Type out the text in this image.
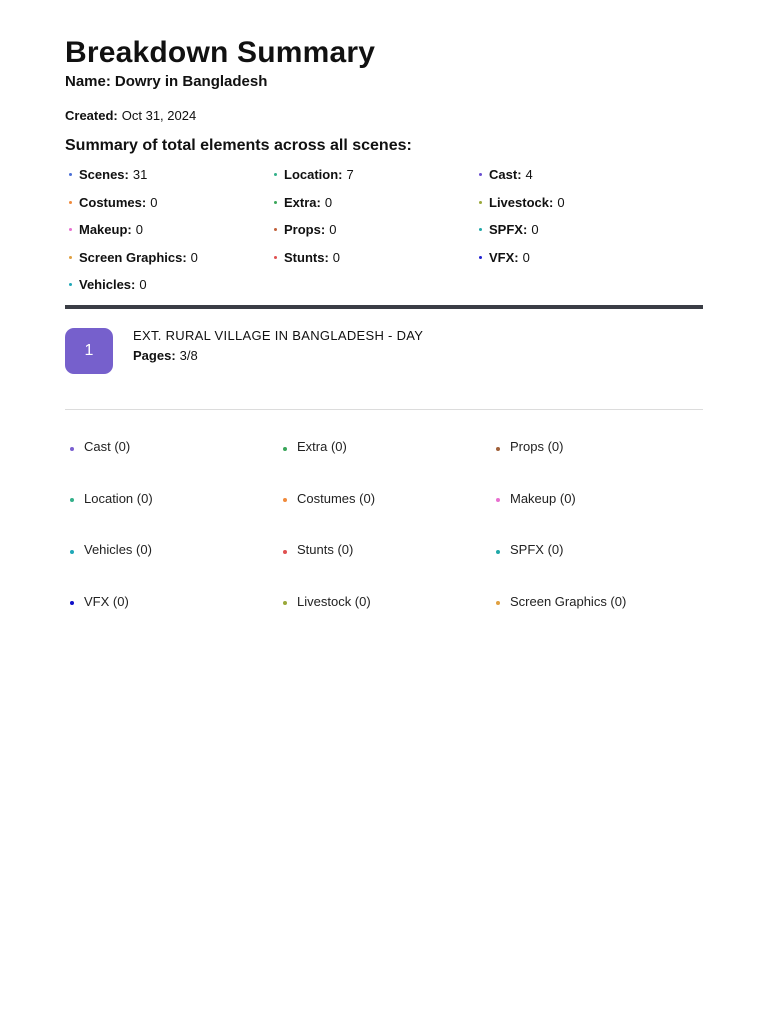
Breakdown Summary
Name: Dowry in Bangladesh
Created: Oct 31, 2024
Summary of total elements across all scenes:
Scenes : 31	Location : 7	Cast : 4
Costumes : 0	Extra : 0	Livestock : 0
Makeup : 0	Props : 0	SPFX : 0
Screen Graphics : 0	Stunts : 0	VFX : 0
Vehicles : 0
1
EXT. RURAL VILLAGE IN BANGLADESH - DAY
Pages : 3/8
Cast (0)	Extra (0)	Props (0)
Location (0)	Costumes (0)	Makeup (0)
Vehicles (0)	Stunts (0)	SPFX (0)
VFX (0)	Livestock (0)	Screen Graphics (0)
